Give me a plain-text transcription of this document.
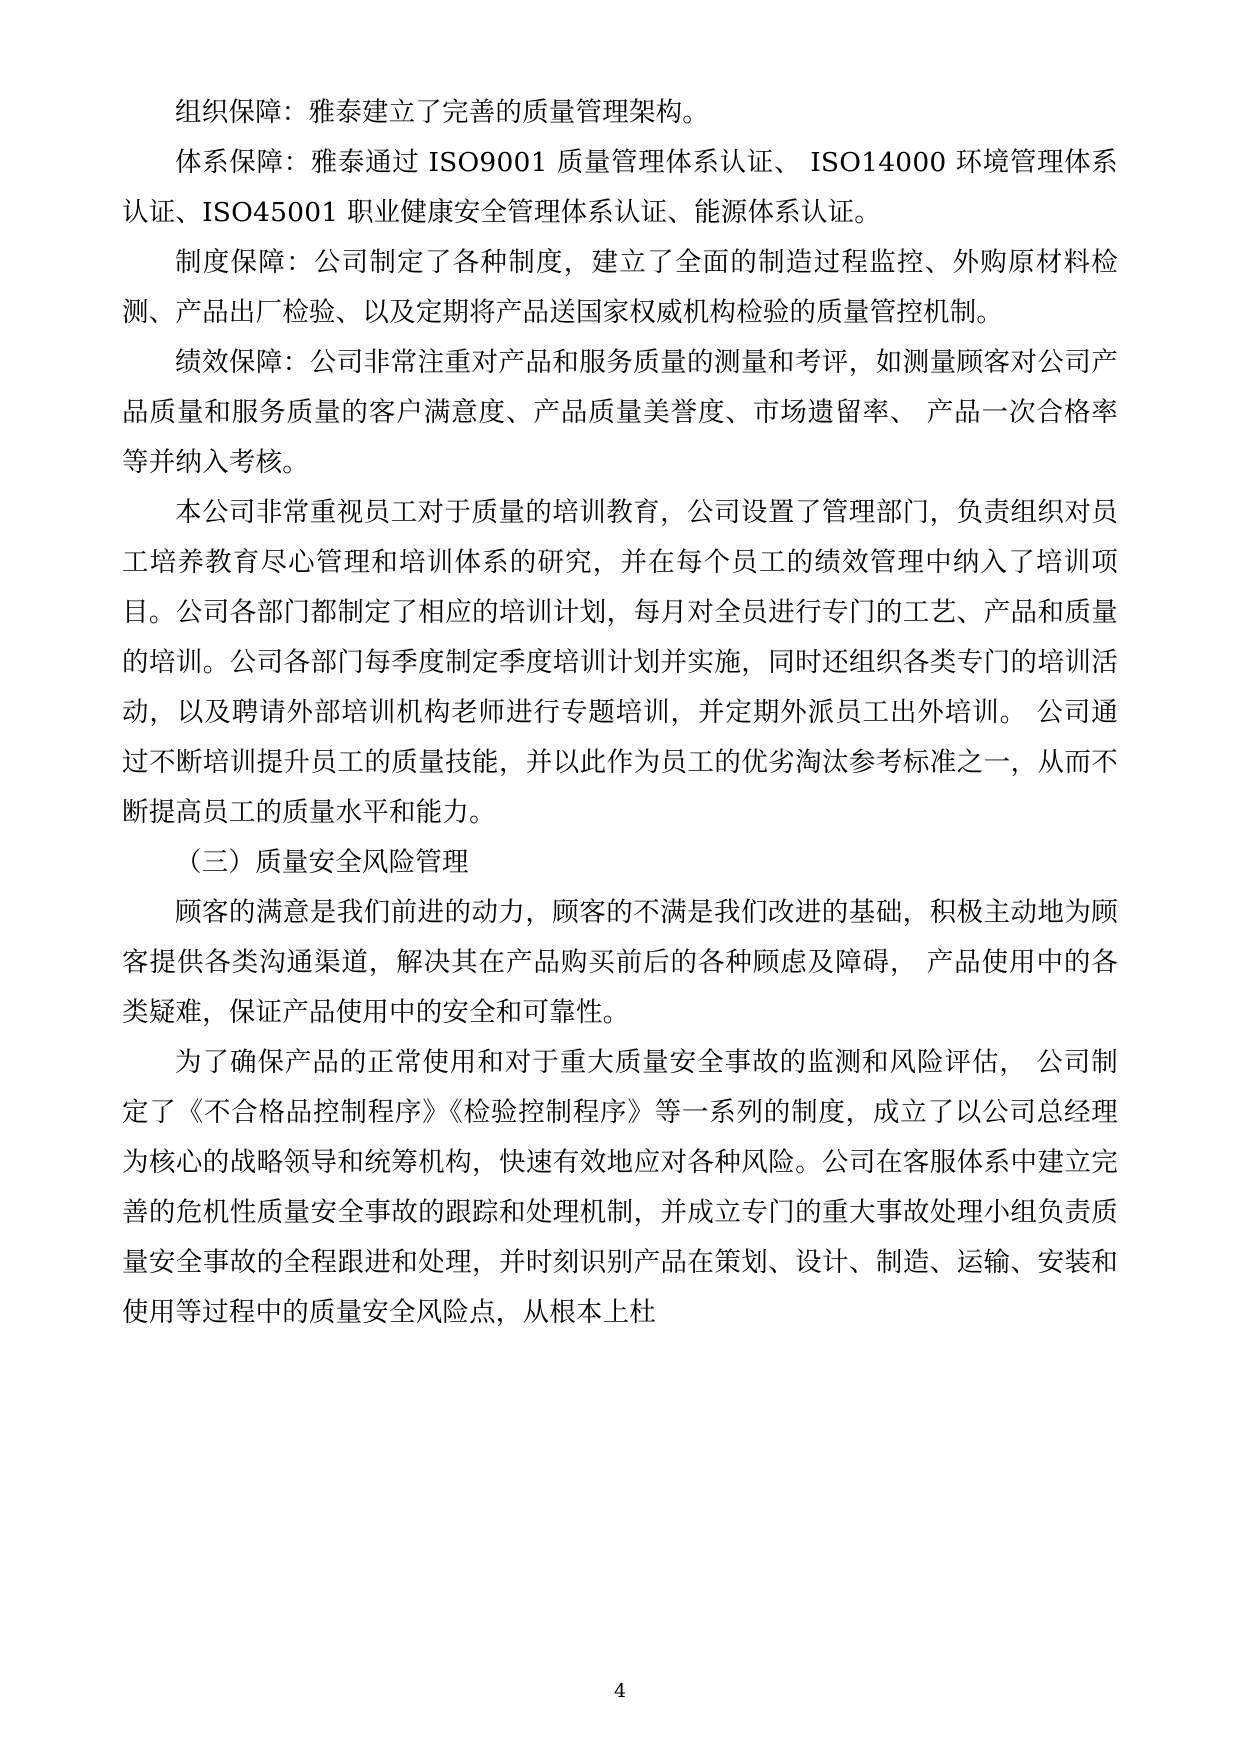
组织保障：雅泰建立了完善的质量管理架构。

体系保障：雅泰通过 ISO9001 质量管理体系认证、 ISO14000 环境管理体系认证、ISO45001 职业健康安全管理体系认证、能源体系认证。

制度保障：公司制定了各种制度，建立了全面的制造过程监控、外购原材料检测、产品出厂检验、以及定期将产品送国家权威机构检验的质量管控机制。

绩效保障：公司非常注重对产品和服务质量的测量和考评，如测量顾客对公司产品质量和服务质量的客户满意度、产品质量美誉度、市场遗留率、 产品一次合格率等并纳入考核。

本公司非常重视员工对于质量的培训教育，公司设置了管理部门，负责组织对员工培养教育尽心管理和培训体系的研究，并在每个员工的绩效管理中纳入了培训项目。公司各部门都制定了相应的培训计划，每月对全员进行专门的工艺、产品和质量的培训。公司各部门每季度制定季度培训计划并实施，同时还组织各类专门的培训活动，以及聘请外部培训机构老师进行专题培训，并定期外派员工出外培训。 公司通过不断培训提升员工的质量技能，并以此作为员工的优劣淘汰参考标准之一，从而不断提高员工的质量水平和能力。

（三）质量安全风险管理

顾客的满意是我们前进的动力，顾客的不满是我们改进的基础，积极主动地为顾客提供各类沟通渠道，解决其在产品购买前后的各种顾虑及障碍， 产品使用中的各类疑难，保证产品使用中的安全和可靠性。

为了确保产品的正常使用和对于重大质量安全事故的监测和风险评估， 公司制定了《不合格品控制程序》《检验控制程序》等一系列的制度，成立了以公司总经理为核心的战略领导和统筹机构，快速有效地应对各种风险。公司在客服体系中建立完善的危机性质量安全事故的跟踪和处理机制，并成立专门的重大事故处理小组负责质量安全事故的全程跟进和处理，并时刻识别产品在策划、设计、制造、运输、安装和使用等过程中的质量安全风险点，从根本上杜

4
